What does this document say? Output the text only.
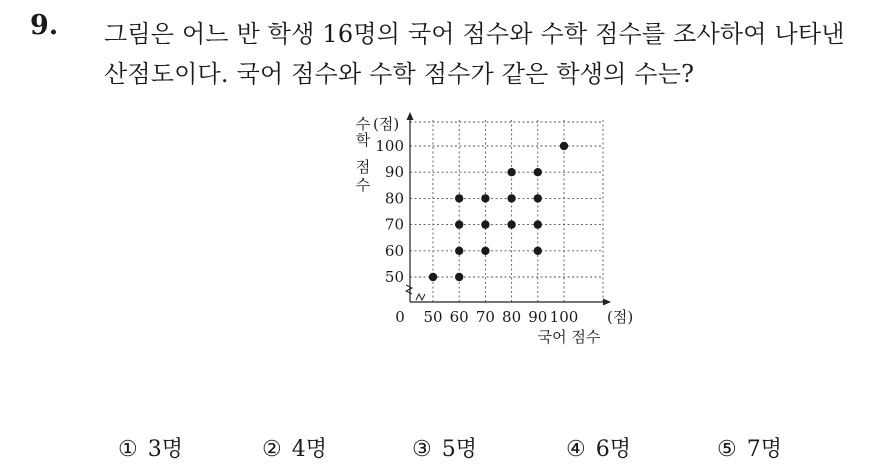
9. 그림은 어느 반 학생 16명의 국어 점수와 수학 점수를 조사하여 나타낸
산점도이다. 국어 점수와 수학 점수가 같은 학생의 수는?
50 60 70 80 90 100
50
60
70
80
90
100
0	(점)
(점)
수
학
점
수
국어 점수
① 3명	② 4명	③ 5명	④ 6명	⑤ 7명
